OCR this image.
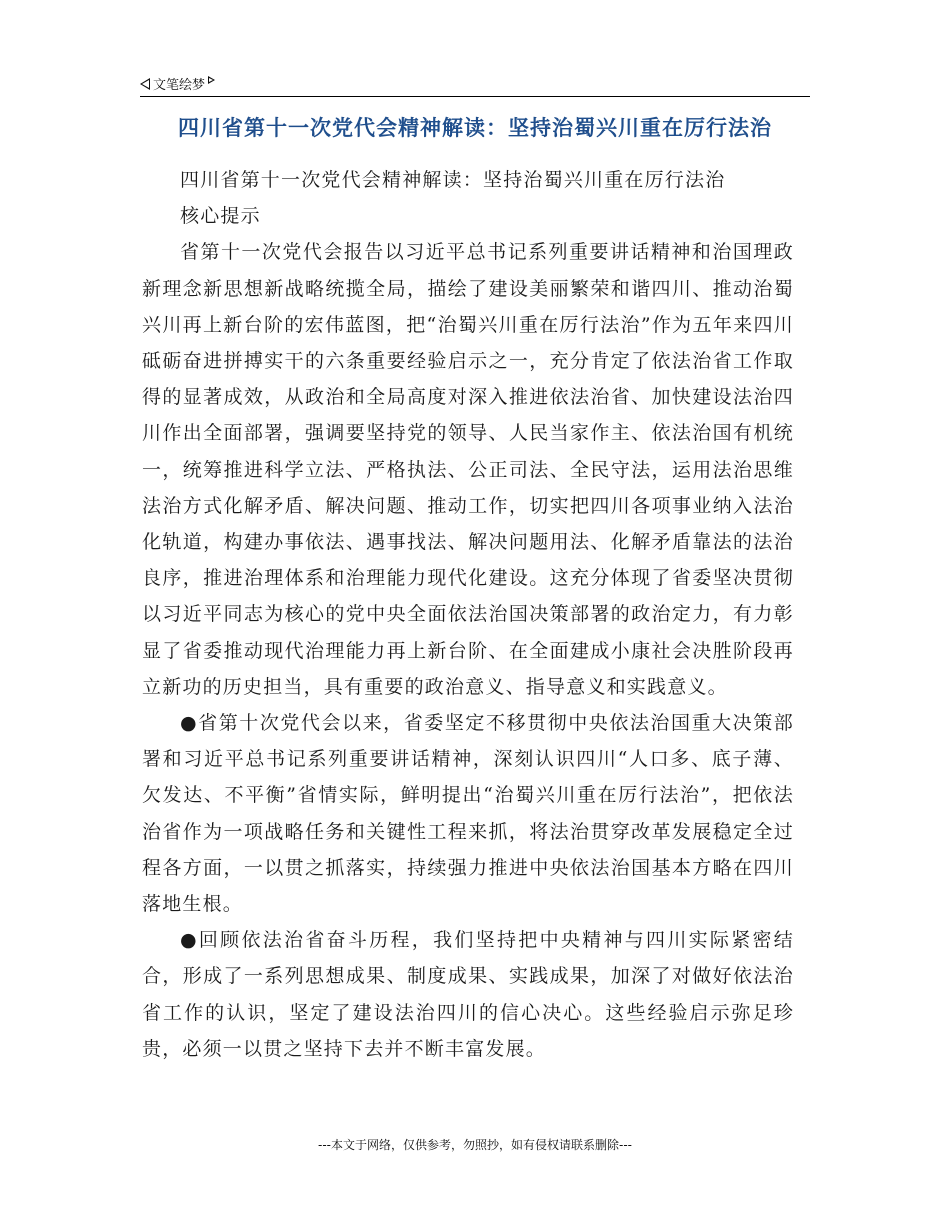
文笔绘梦
四川省第十一次党代会精神解读：坚持治蜀兴川重在厉行法治

四川省第十一次党代会精神解读：坚持治蜀兴川重在厉行法治

核心提示

省第十一次党代会报告以习近平总书记系列重要讲话精神和治国理政新理念新思想新战略统揽全局，描绘了建设美丽繁荣和谐四川、推动治蜀兴川再上新台阶的宏伟蓝图，把“治蜀兴川重在厉行法治”作为五年来四川砥砺奋进拼搏实干的六条重要经验启示之一，充分肯定了依法治省工作取得的显著成效，从政治和全局高度对深入推进依法治省、加快建设法治四川作出全面部署，强调要坚持党的领导、人民当家作主、依法治国有机统一，统筹推进科学立法、严格执法、公正司法、全民守法，运用法治思维法治方式化解矛盾、解决问题、推动工作，切实把四川各项事业纳入法治化轨道，构建办事依法、遇事找法、解决问题用法、化解矛盾靠法的法治良序，推进治理体系和治理能力现代化建设。这充分体现了省委坚决贯彻以习近平同志为核心的党中央全面依法治国决策部署的政治定力，有力彰显了省委推动现代治理能力再上新台阶、在全面建成小康社会决胜阶段再立新功的历史担当，具有重要的政治意义、指导意义和实践意义。

●省第十次党代会以来，省委坚定不移贯彻中央依法治国重大决策部署和习近平总书记系列重要讲话精神，深刻认识四川“人口多、底子薄、欠发达、不平衡”省情实际，鲜明提出“治蜀兴川重在厉行法治”，把依法治省作为一项战略任务和关键性工程来抓，将法治贯穿改革发展稳定全过程各方面，一以贯之抓落实，持续强力推进中央依法治国基本方略在四川落地生根。

●回顾依法治省奋斗历程，我们坚持把中央精神与四川实际紧密结合，形成了一系列思想成果、制度成果、实践成果，加深了对做好依法治省工作的认识，坚定了建设法治四川的信心决心。这些经验启示弥足珍贵，必须一以贯之坚持下去并不断丰富发展。

---本文于网络，仅供参考，勿照抄，如有侵权请联系删除---
